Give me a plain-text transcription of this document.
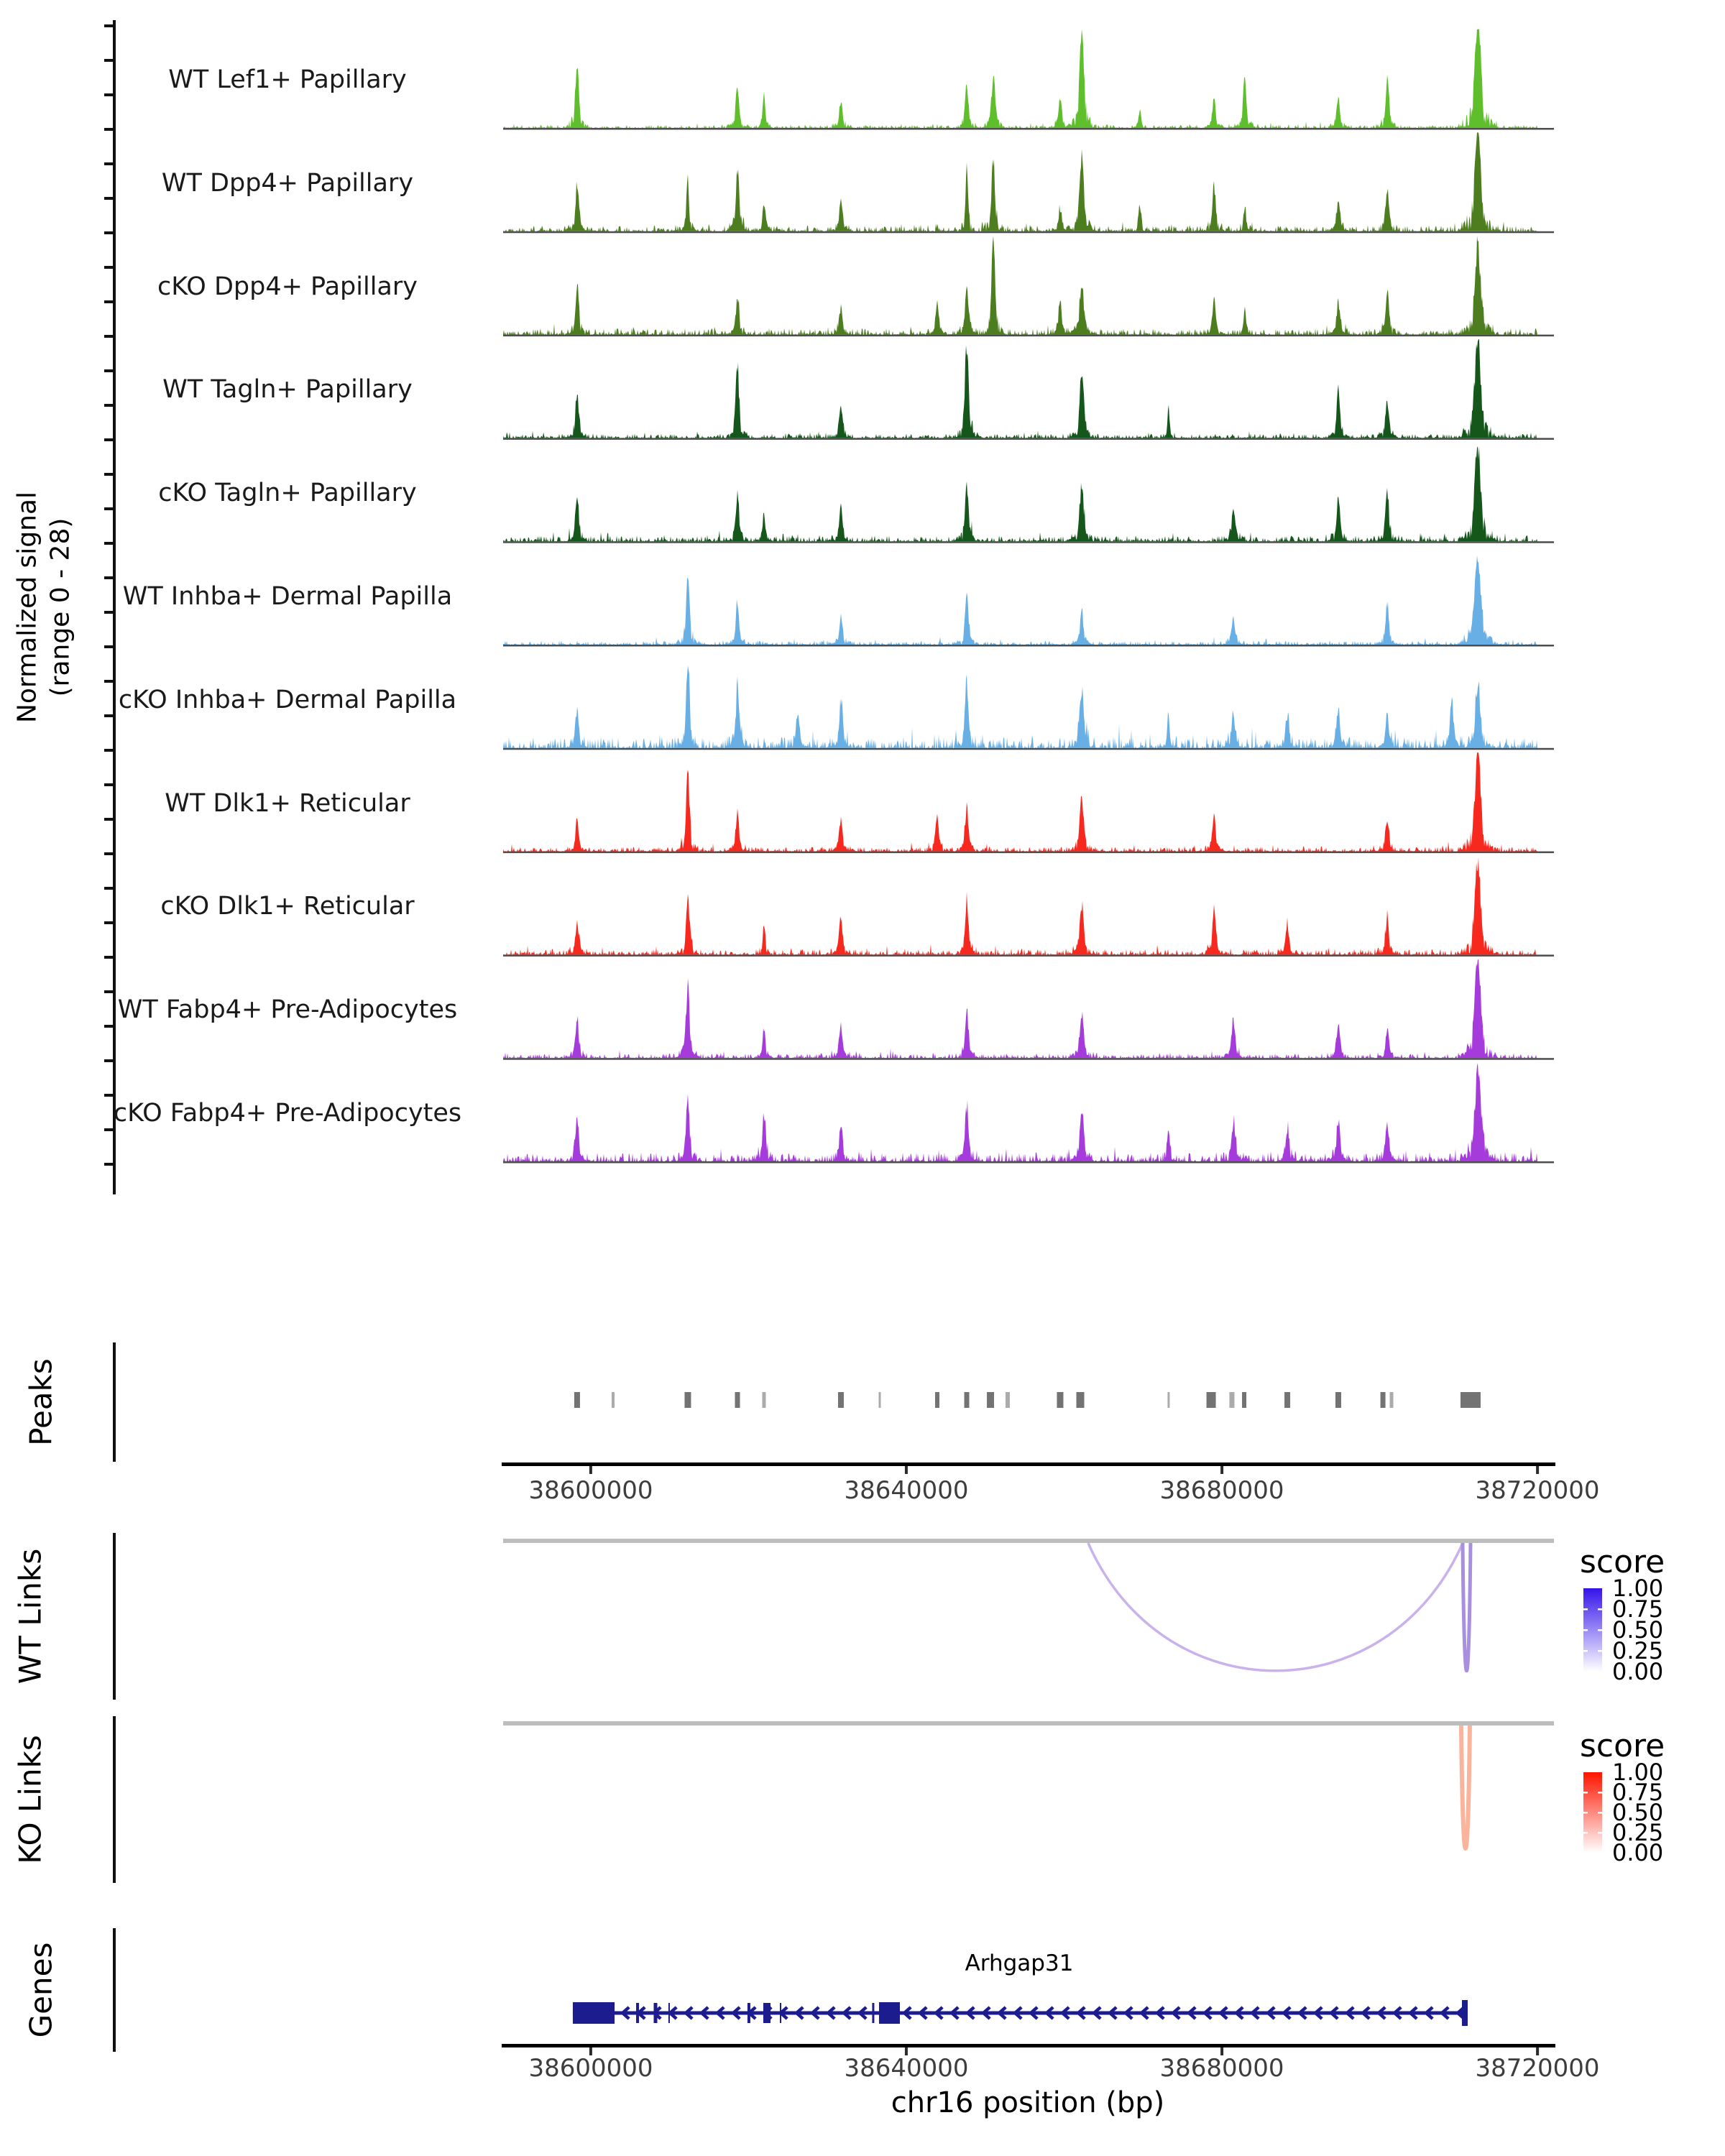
Normalized signal (range 0 - 28)
WT Lef1+ Papillary
WT Dpp4+ Papillary
cKO Dpp4+ Papillary
WT Tagln+ Papillary
cKO Tagln+ Papillary
WT Inhba+ Dermal Papilla
cKO Inhba+ Dermal Papilla
WT Dlk1+ Reticular
cKO Dlk1+ Reticular
WT Fabp4+ Pre-Adipocytes
cKO Fabp4+ Pre-Adipocytes
Peaks
WT Links
KO Links
Genes
38600000	38640000	38680000	38720000
38600000	38640000	38680000	38720000
chr16 position (bp)
Arhgap31
score
1.00
0.75
0.50
0.25
0.00
score
1.00
0.75
0.50
0.25
0.00
